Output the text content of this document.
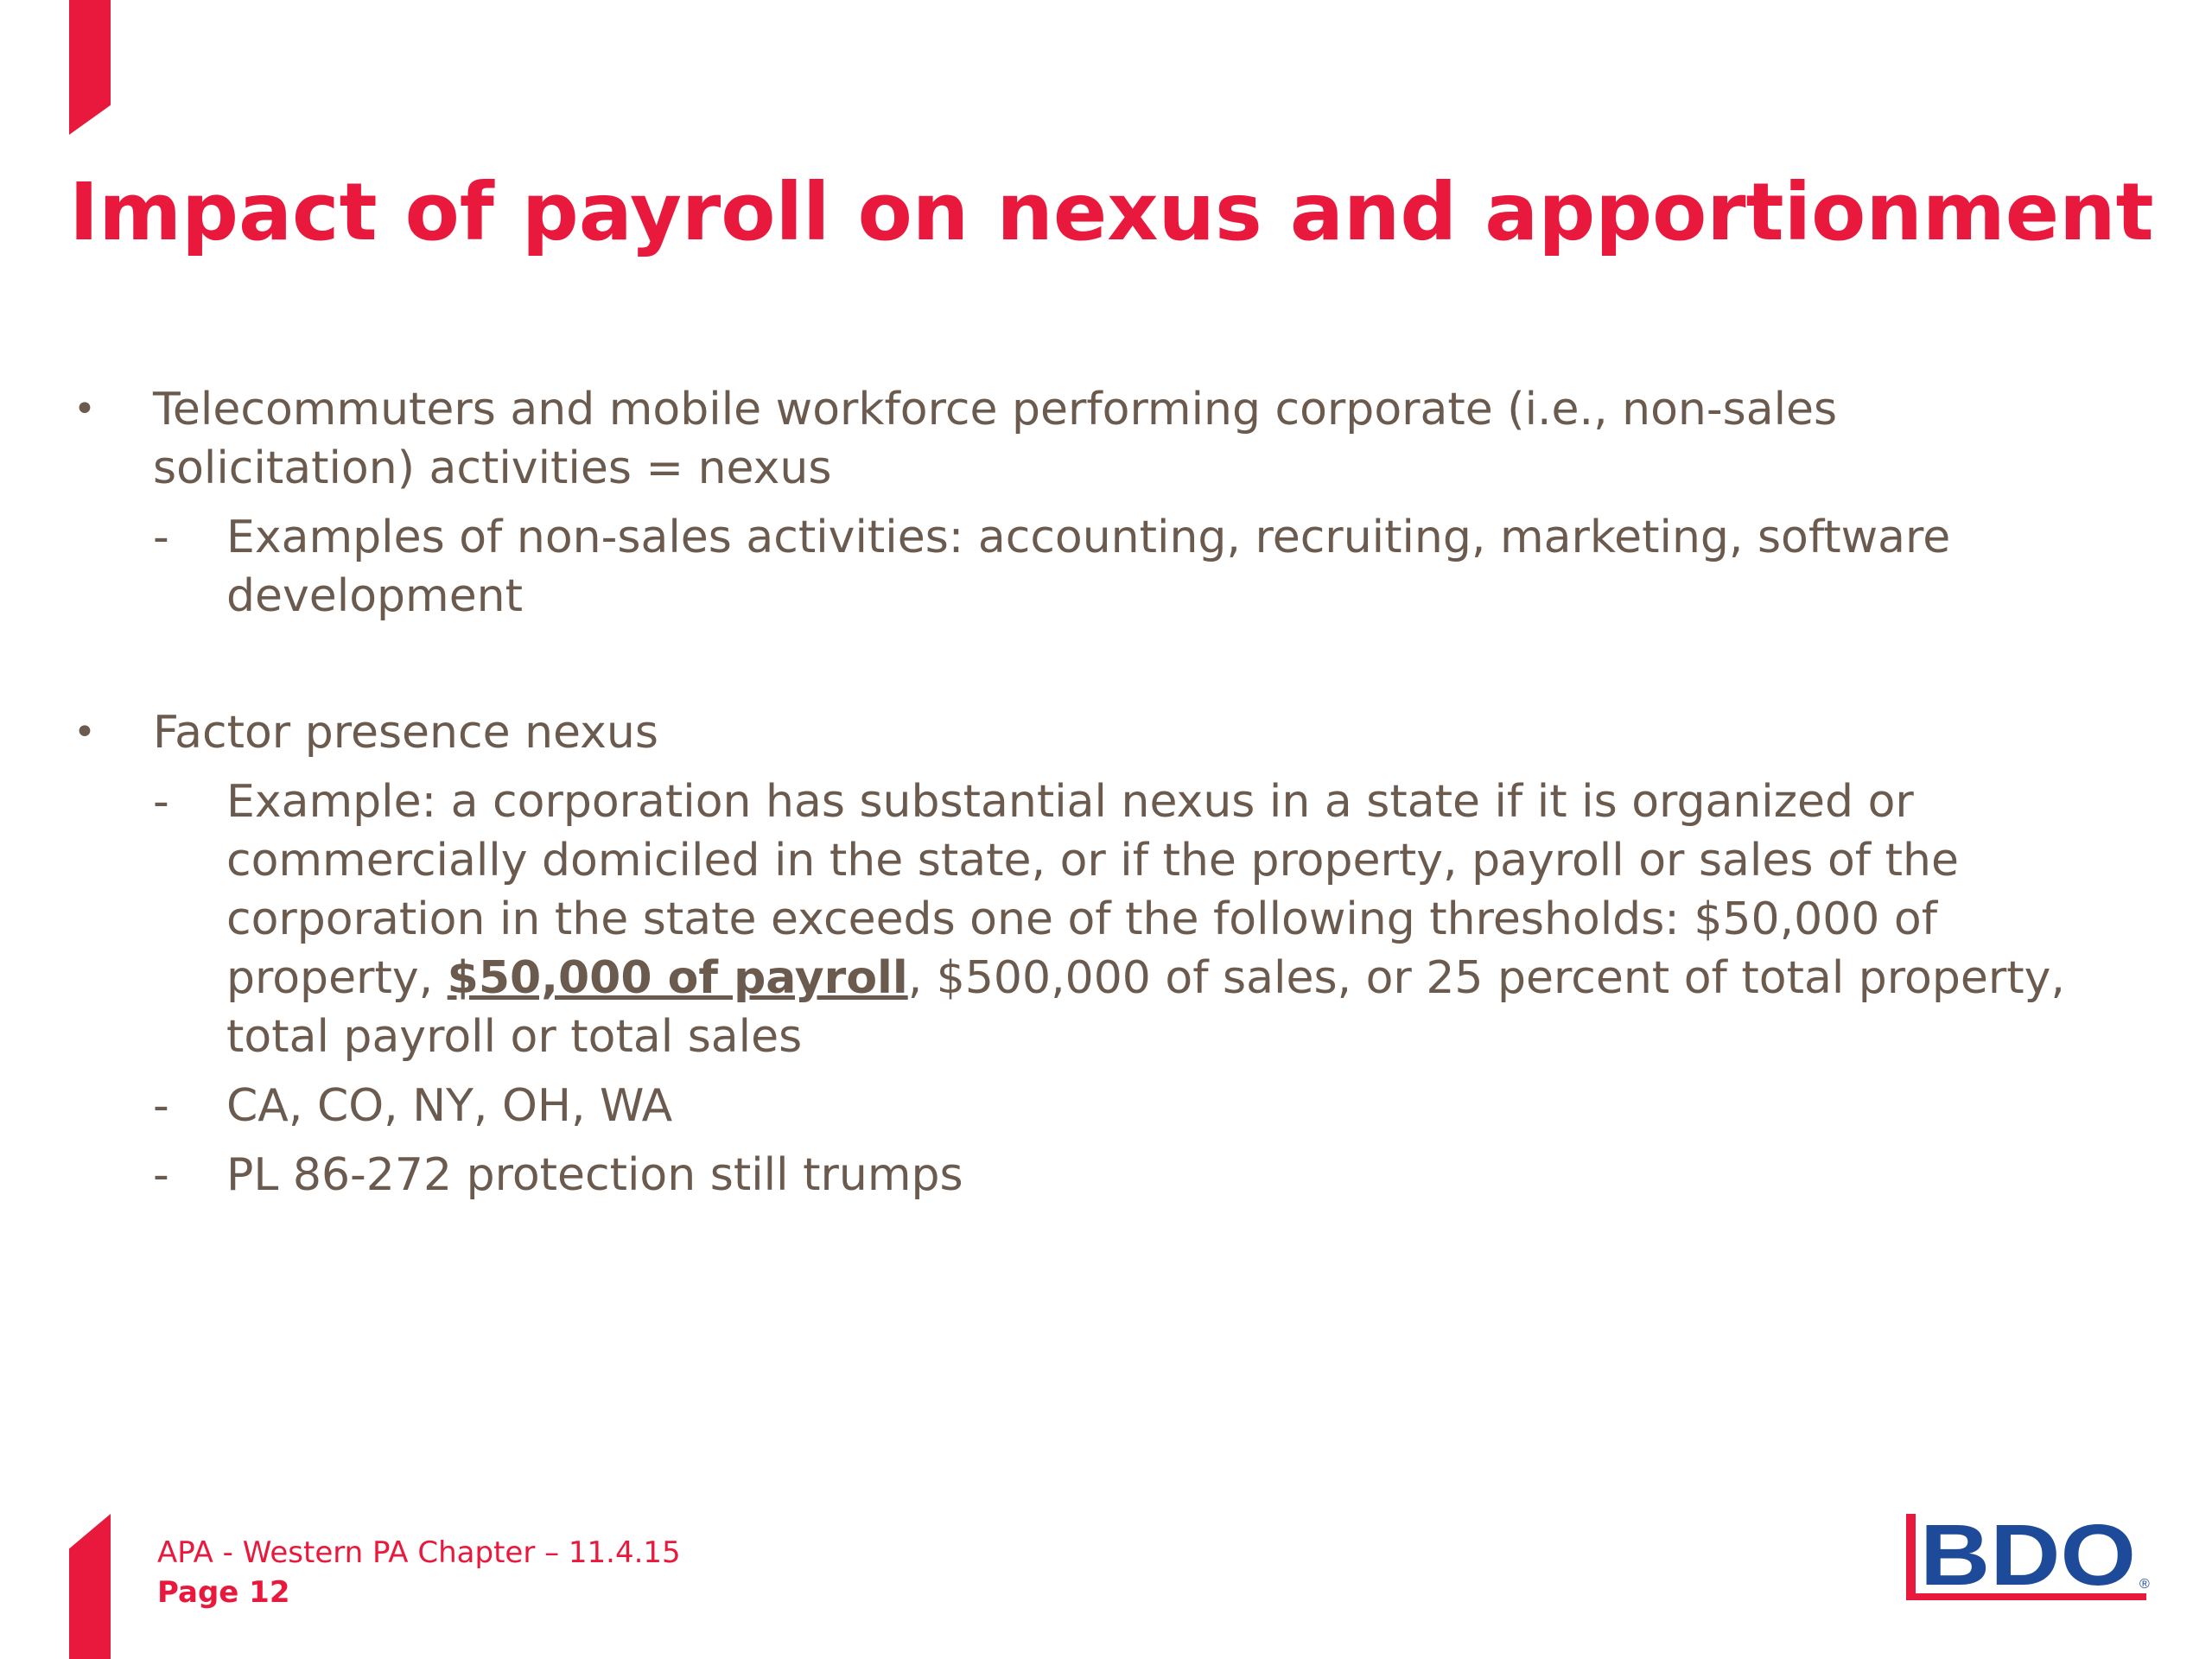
Impact of payroll on nexus and apportionment
• Telecommuters and mobile workforce performing corporate (i.e., non-sales solicitation) activities = nexus
- Examples of non-sales activities: accounting, recruiting, marketing, software development
• Factor presence nexus
- Example: a corporation has substantial nexus in a state if it is organized or commercially domiciled in the state, or if the property, payroll or sales of the corporation in the state exceeds one of the following thresholds: $50,000 of property, $50,000 of payroll, $500,000 of sales, or 25 percent of total property, total payroll or total sales
- CA, CO, NY, OH, WA
- PL 86-272 protection still trumps
APA - Western PA Chapter – 11.4.15
Page 12	BDO ®
